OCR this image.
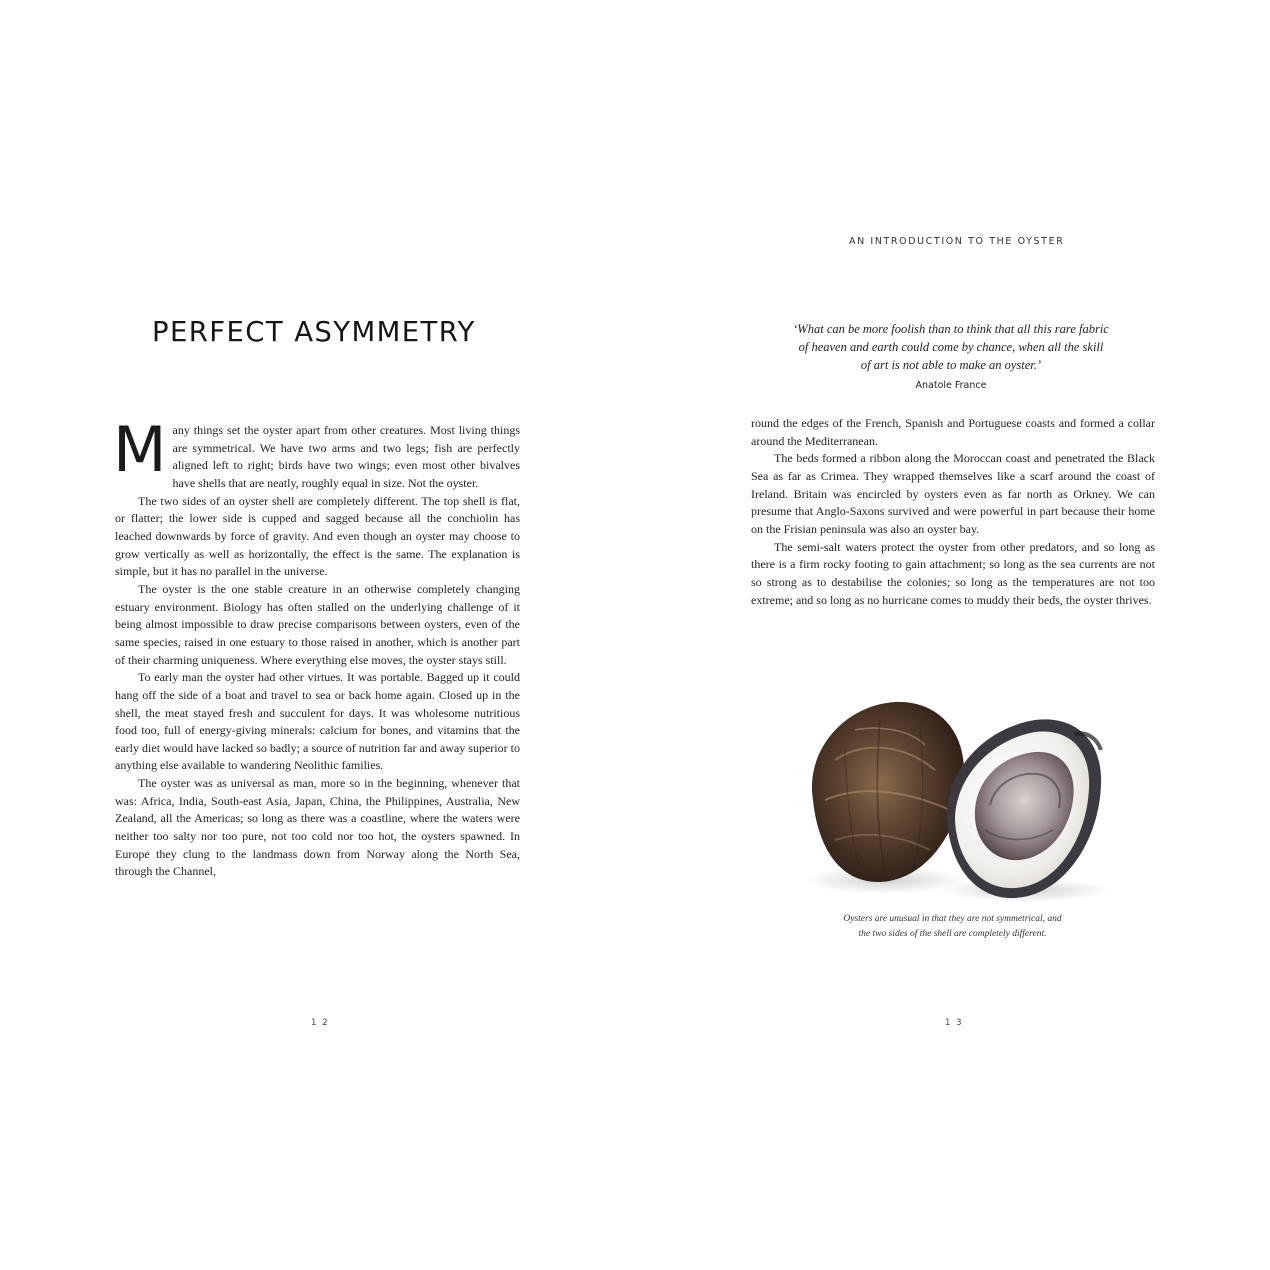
PERFECT ASYMMETRY

Many things set the oyster apart from other creatures. Most living things are symmetrical. We have two arms and two legs; fish are perfectly aligned left to right; birds have two wings; even most other bivalves have shells that are neatly, roughly equal in size. Not the oyster.

The two sides of an oyster shell are completely different. The top shell is flat, or flatter; the lower side is cupped and sagged because all the conchiolin has leached downwards by force of gravity. And even though an oyster may choose to grow vertically as well as horizontally, the effect is the same. The explanation is simple, but it has no parallel in the universe.

The oyster is the one stable creature in an otherwise completely changing estuary environment. Biology has often stalled on the underlying challenge of it being almost impossible to draw precise comparisons between oysters, even of the same species, raised in one estuary to those raised in another, which is another part of their charming uniqueness. Where everything else moves, the oyster stays still.

To early man the oyster had other virtues. It was portable. Bagged up it could hang off the side of a boat and travel to sea or back home again. Closed up in the shell, the meat stayed fresh and succulent for days. It was wholesome nutritious food too, full of energy-giving minerals: calcium for bones, and vitamins that the early diet would have lacked so badly; a source of nutrition far and away superior to anything else available to wandering Neolithic families.

The oyster was as universal as man, more so in the beginning, whenever that was: Africa, India, South-east Asia, Japan, China, the Philippines, Australia, New Zealand, all the Americas; so long as there was a coastline, where the waters were neither too salty nor too pure, not too cold nor too hot, the oysters spawned. In Europe they clung to the landmass down from Norway along the North Sea, through the Channel,

1 2
AN INTRODUCTION TO THE OYSTER

‘What can be more foolish than to think that all this rare fabric
of heaven and earth could come by chance, when all the skill
of art is not able to make an oyster.’

Anatole France

round the edges of the French, Spanish and Portuguese coasts and formed a collar around the Mediterranean.

The beds formed a ribbon along the Moroccan coast and penetrated the Black Sea as far as Crimea. They wrapped themselves like a scarf around the coast of Ireland. Britain was encircled by oysters even as far north as Orkney. We can presume that Anglo-Saxons survived and were powerful in part because their home on the Frisian peninsula was also an oyster bay.

The semi-salt waters protect the oyster from other predators, and so long as there is a firm rocky footing to gain attachment; so long as the sea currents are not so strong as to destabilise the colonies; so long as the temperatures are not too extreme; and so long as no hurricane comes to muddy their beds, the oyster thrives.

Oysters are unusual in that they are not symmetrical, and
the two sides of the shell are completely different.
1 3
